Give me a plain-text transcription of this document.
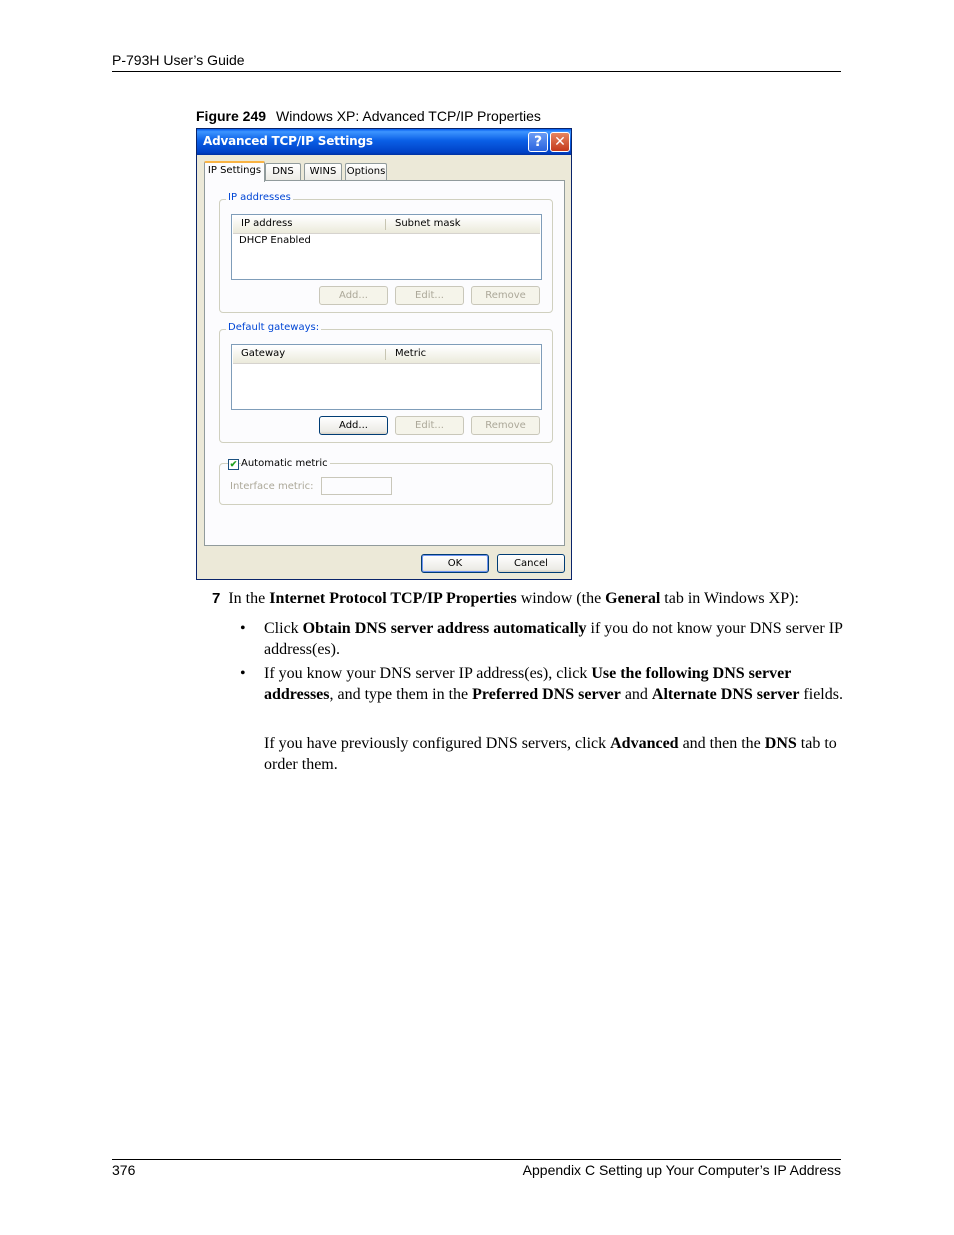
P-793H User’s Guide
Figure 249 Windows XP: Advanced TCP/IP Properties
Advanced TCP/IP Settings	? ✕
IP Settings	DNS	WINS	Options
IP addresses
IP address	Subnet mask
DHCP Enabled
Add...	Edit...	Remove
Default gateways:
Gateway	Metric
Add...	Edit...	Remove
✔ Automatic metric
Interface metric:
OK	Cancel
7 In the Internet Protocol TCP/IP Properties window (the General tab in Windows XP):
• Click Obtain DNS server address automatically if you do not know your DNS server IP address(es).
• If you know your DNS server IP address(es), click Use the following DNS server addresses, and type them in the Preferred DNS server and Alternate DNS server fields.
If you have previously configured DNS servers, click Advanced and then the DNS tab to order them.
376	Appendix C Setting up Your Computer’s IP Address
